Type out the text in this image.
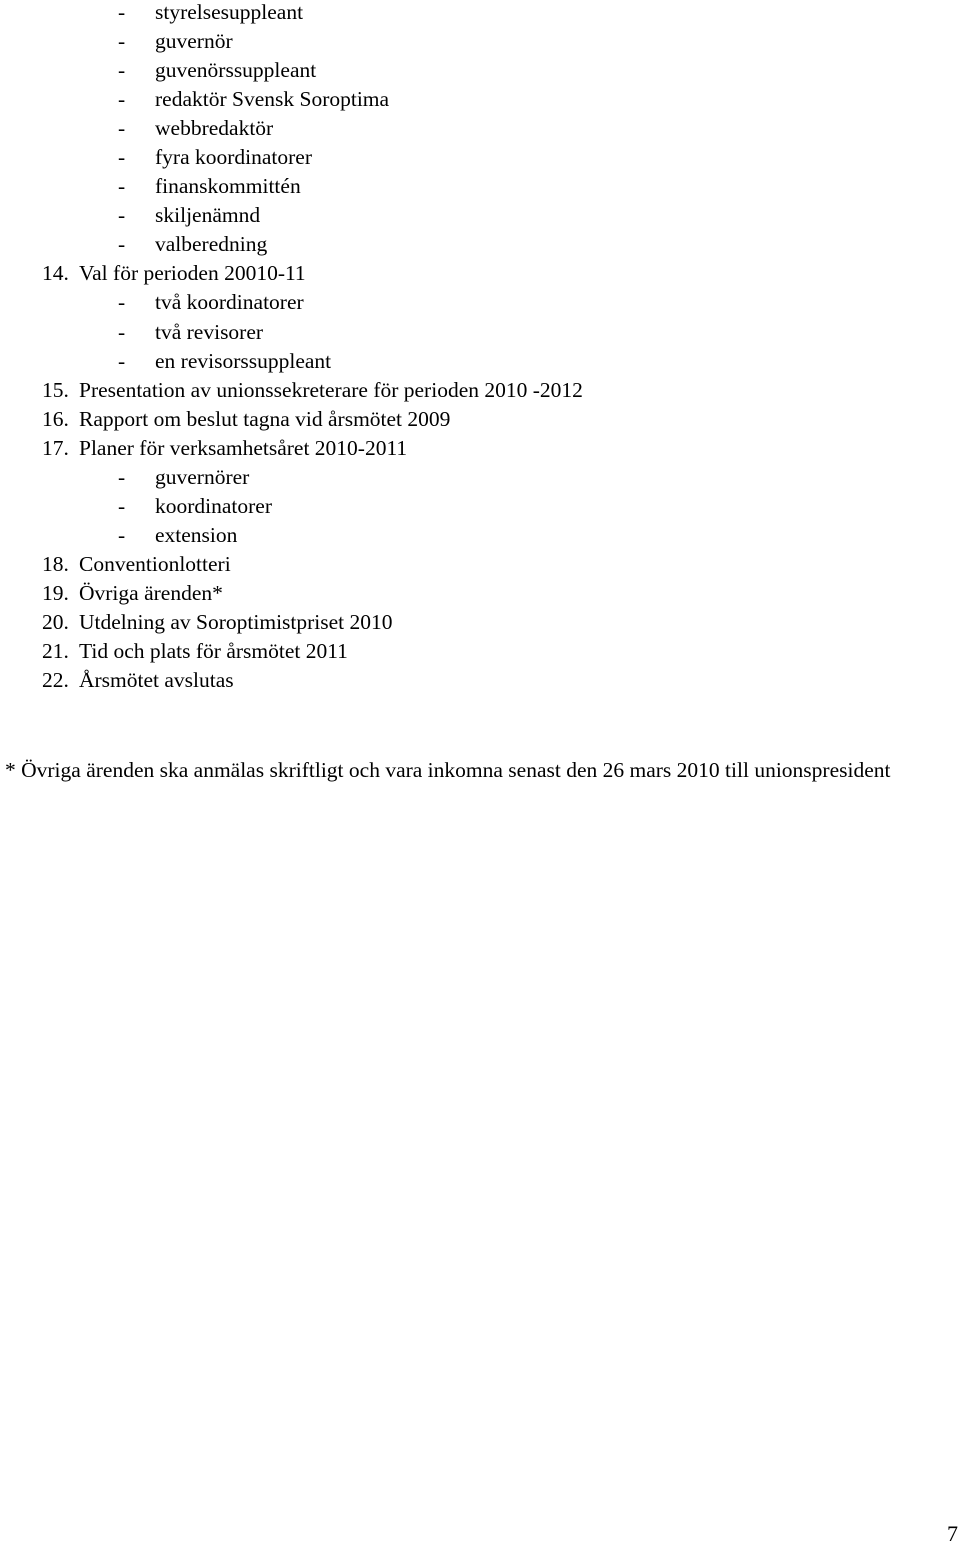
- styrelsesuppleant
- guvernör
- guvenörssuppleant
- redaktör Svensk Soroptima
- webbredaktör
- fyra koordinatorer
- finanskommittén
- skiljenämnd
- valberedning
14. Val för perioden 20010-11
- två koordinatorer
- två revisorer
- en revisorssuppleant
15. Presentation av unionssekreterare för perioden 2010 -2012
16. Rapport om beslut tagna vid årsmötet 2009
17. Planer för verksamhetsåret 2010-2011
- guvernörer
- koordinatorer
- extension
18. Conventionlotteri
19. Övriga ärenden*
20. Utdelning av Soroptimistpriset 2010
21. Tid och plats för årsmötet 2011
22. Årsmötet avslutas
* Övriga ärenden ska anmälas skriftligt och vara inkomna senast den 26 mars 2010 till unionspresident
7
